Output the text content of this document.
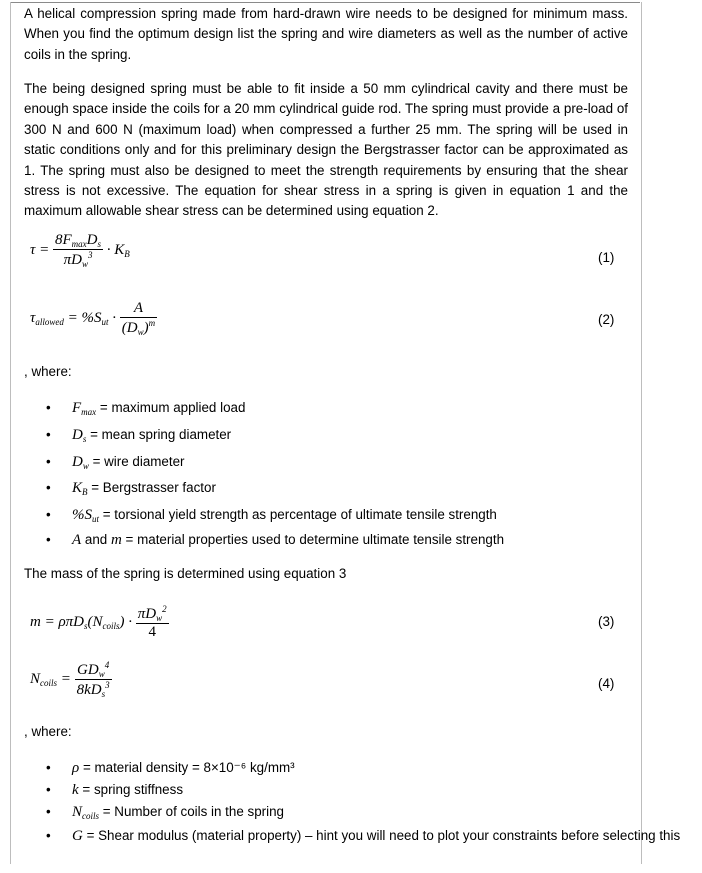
A helical compression spring made from hard-drawn wire needs to be designed for minimum mass. When you find the optimum design list the spring and wire diameters as well as the number of active coils in the spring.

The being designed spring must be able to fit inside a 50 mm cylindrical cavity and there must be enough space inside the coils for a 20 mm cylindrical guide rod. The spring must provide a pre-load of 300 N and 600 N (maximum load) when compressed a further 25 mm. The spring will be used in static conditions only and for this preliminary design the Bergstrasser factor can be approximated as 1. The spring must also be designed to meet the strength requirements by ensuring that the shear stress is not excessive. The equation for shear stress in a spring is given in equation 1 and the maximum allowable shear stress can be determined using equation 2.

$\tau = \frac{8F_{max}D_s}{\pi D_w^3} \cdot K_B$	(1)
$\tau_{allowed} = \%S_{ut} \cdot \frac{A}{(D_w)^m}$	(2)
, where:
• $F_{max}$ = maximum applied load
• $D_s$ = mean spring diameter
• $D_w$ = wire diameter
• $K_B$ = Bergstrasser factor
• $\%S_{ut}$ = torsional yield strength as percentage of ultimate tensile strength
• A and m = material properties used to determine ultimate tensile strength
The mass of the spring is determined using equation 3
$m = \rho\pi D_s(N_{coils}) \cdot \frac{\pi D_w^2}{4}$	(3)
$N_{coils} = \frac{GD_w^4}{8kD_s^3}$	(4)
, where:
• ρ = material density = 8×10⁻⁶ kg/mm³
• k = spring stiffness
• $N_{coils}$ = Number of coils in the spring
• G = Shear modulus (material property) – hint you will need to plot your constraints before selecting this
